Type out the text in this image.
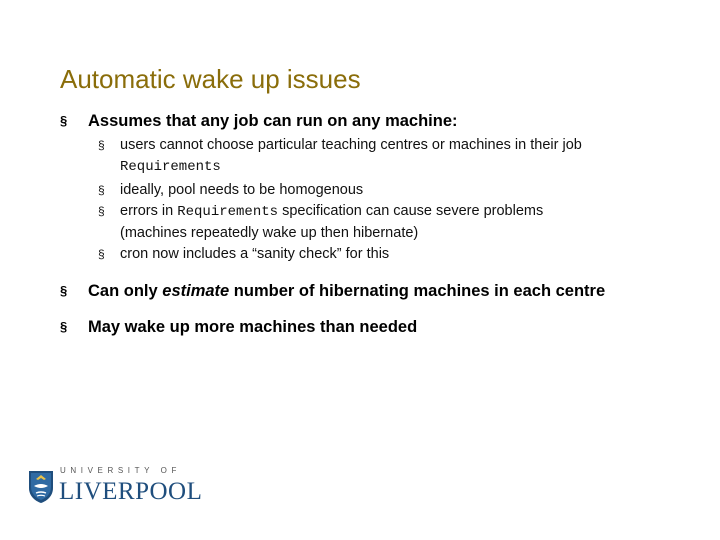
Automatic wake up issues
§ Assumes that any job can run on any machine:
§ users cannot choose particular teaching centres or machines in their job
Requirements
§ ideally, pool needs to be homogenous
§ errors in Requirements specification can cause severe problems
(machines repeatedly wake up then hibernate)
§ cron now includes a “sanity check” for this
§ Can only estimate number of hibernating machines in each centre
§ May wake up more machines than needed
UNIVERSITY OF
LIVERPOOL
